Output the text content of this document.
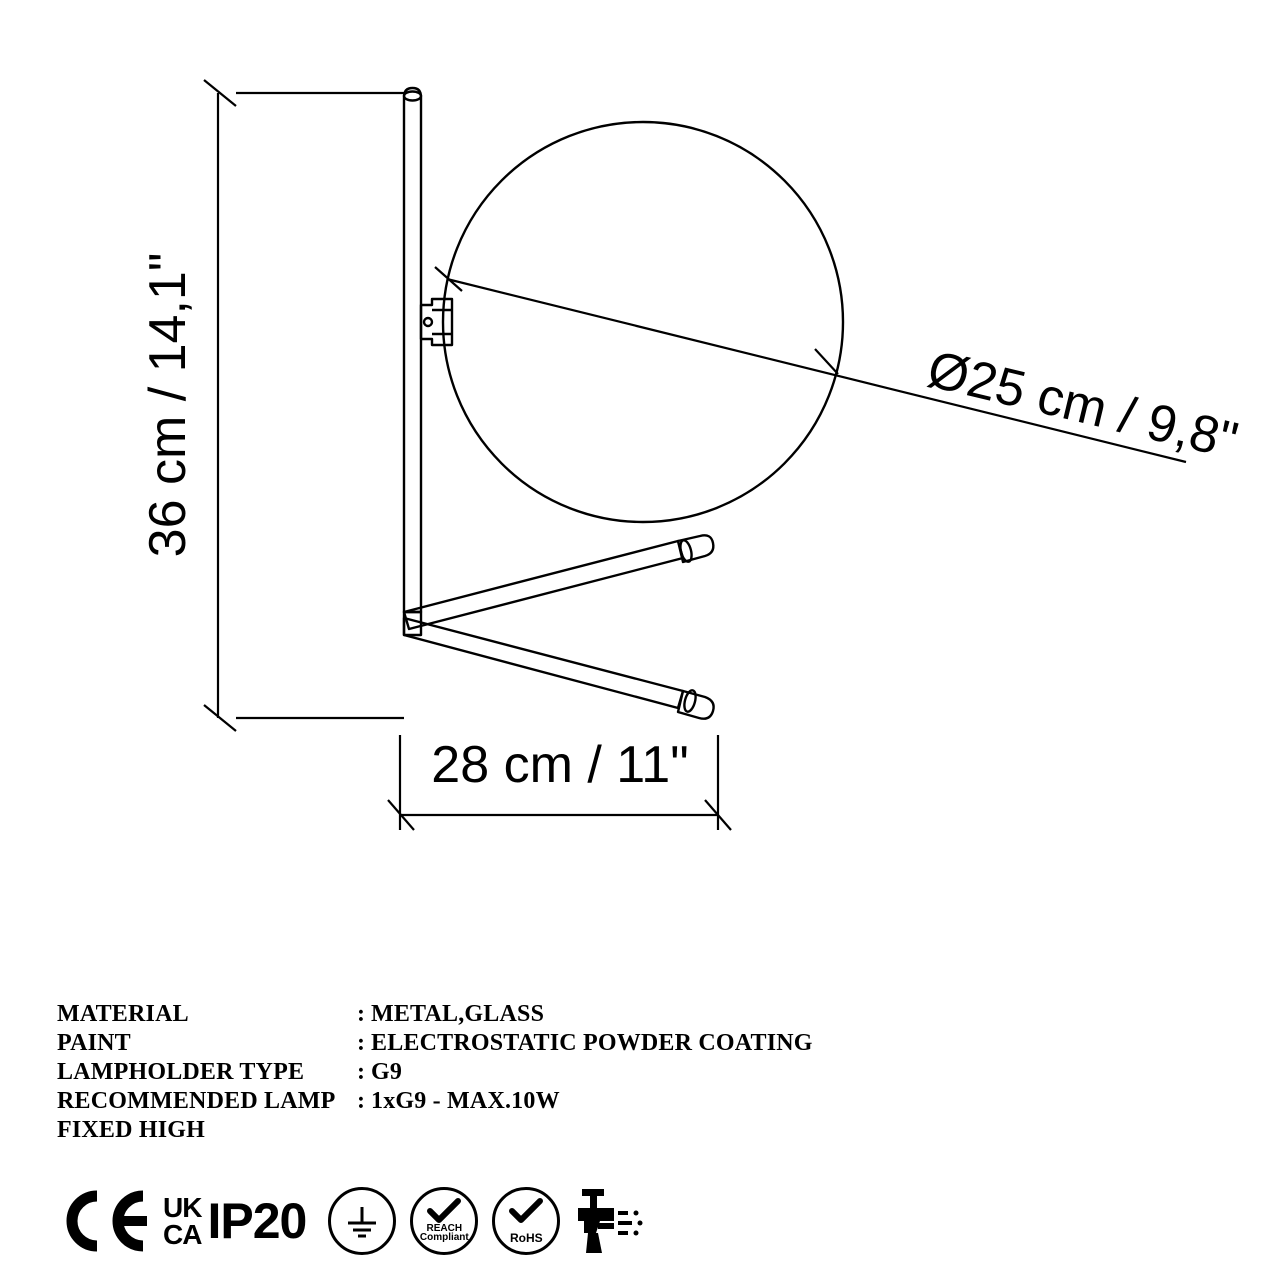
36 cm / 14,1"
28 cm / 11"
Ø25 cm / 9,8"
MATERIAL	: METAL,GLASS
PAINT	: ELECTROSTATIC POWDER COATING
LAMPHOLDER TYPE	: G9
RECOMMENDED LAMP : 1xG9 - MAX.10W
FIXED HIGH
UK
CA IP20	REACH
Compliant	RoHS
